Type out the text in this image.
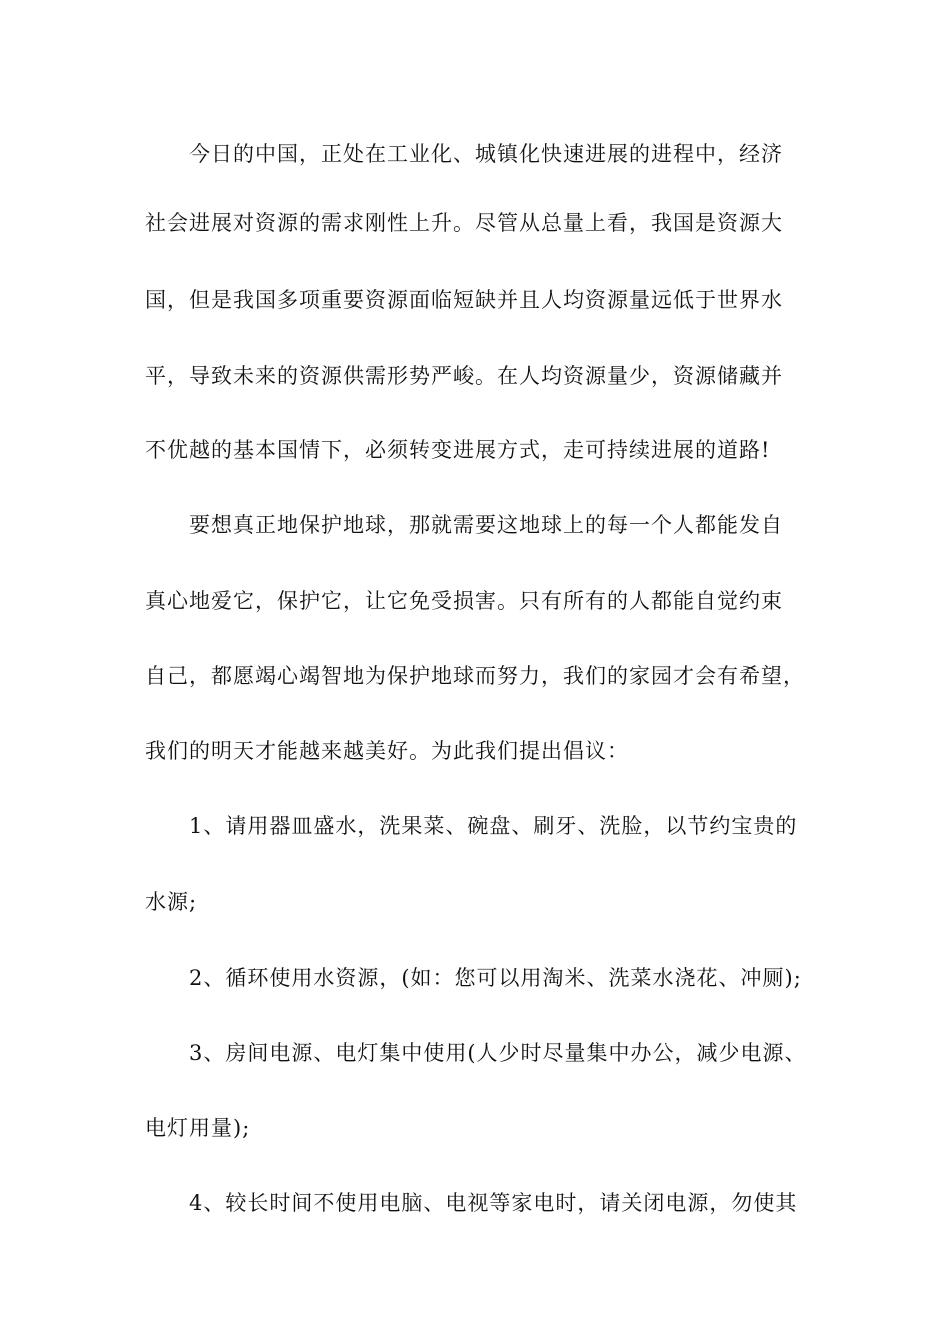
今日的中国，正处在工业化、城镇化快速进展的进程中，经济
社会进展对资源的需求刚性上升。尽管从总量上看，我国是资源大
国，但是我国多项重要资源面临短缺并且人均资源量远低于世界水
平，导致未来的资源供需形势严峻。在人均资源量少，资源储藏并
不优越的基本国情下，必须转变进展方式，走可持续进展的道路!
要想真正地保护地球，那就需要这地球上的每一个人都能发自
真心地爱它，保护它，让它免受损害。只有所有的人都能自觉约束
自己，都愿竭心竭智地为保护地球而努力，我们的家园才会有希望，
我们的明天才能越来越美好。为此我们提出倡议：
1、请用器皿盛水，洗果菜、碗盘、刷牙、洗脸，以节约宝贵的
水源;
2、循环使用水资源，(如：您可以用淘米、洗菜水浇花、冲厕);
3、房间电源、电灯集中使用(人少时尽量集中办公，减少电源、
电灯用量);
4、较长时间不使用电脑、电视等家电时，请关闭电源，勿使其
